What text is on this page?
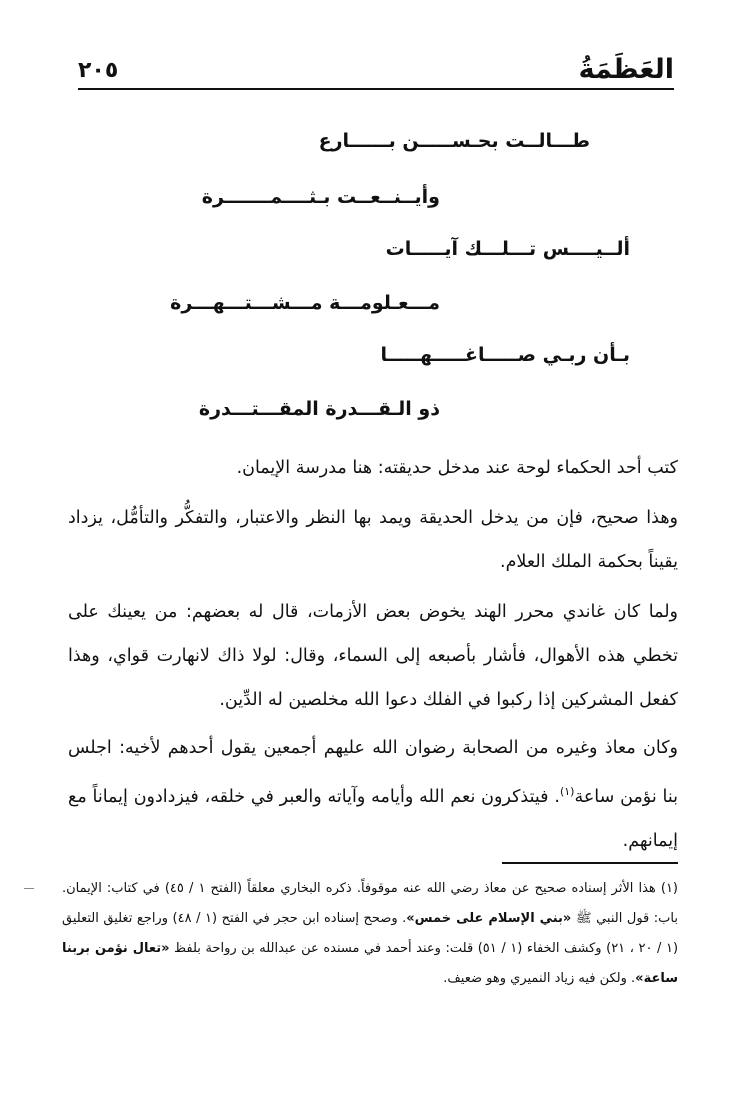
العَظَمَةُ
٢٠٥
طـــالــت بحـســـــن بــــــارع
وأيــنــعــت بـثــــمـــــــرة
ألــيــــس تـــلـــك آيـــــات
مـــعـلومـــة مـــشـــتـــهـــرة
بـأن ربـي صـــــاغـــــهـــــا
ذو الـقـــدرة المقـــتـــدرة
كتب أحد الحكماء لوحة عند مدخل حديقته: هنا مدرسة الإيمان.
وهذا صحيح، فإن من يدخل الحديقة ويمد بها النظر والاعتبار، والتفكُّر والتأمُّل، يزداد يقيناً بحكمة الملك العلام.
ولما كان غاندي محرر الهند يخوض بعض الأزمات، قال له بعضهم: من يعينك على تخطي هذه الأهوال، فأشار بأصبعه إلى السماء، وقال: لولا ذاك لانهارت قواي، وهذا كفعل المشركين إذا ركبوا في الفلك دعوا الله مخلصين له الدِّين.
وكان معاذ وغيره من الصحابة رضوان الله عليهم أجمعين يقول أحدهم لأخيه: اجلس بنا نؤمن ساعة$^{(١)}$. فيتذكرون نعم الله وأيامه وآياته والعبر في خلقه، فيزدادون إيماناً مع إيمانهم.
(١) هذا الأثر إسناده صحيح عن معاذ رضي الله عنه موقوفاً. ذكره البخاري معلقاً (الفتح ١ / ٤٥) في كتاب: الإيمان. باب: قول النبي ﷺ «بني الإسلام على خمس». وصحح إسناده ابن حجر في الفتح (١ / ٤٨) وراجع تغليق التعليق (١ / ٢٠ ، ٢١) وكشف الخفاء (١ / ٥١) قلت: وعند أحمد في مسنده عن عبدالله بن رواحة بلفظ «تعال نؤمن بربنا ساعة». ولكن فيه زياد النميري وهو ضعيف.
